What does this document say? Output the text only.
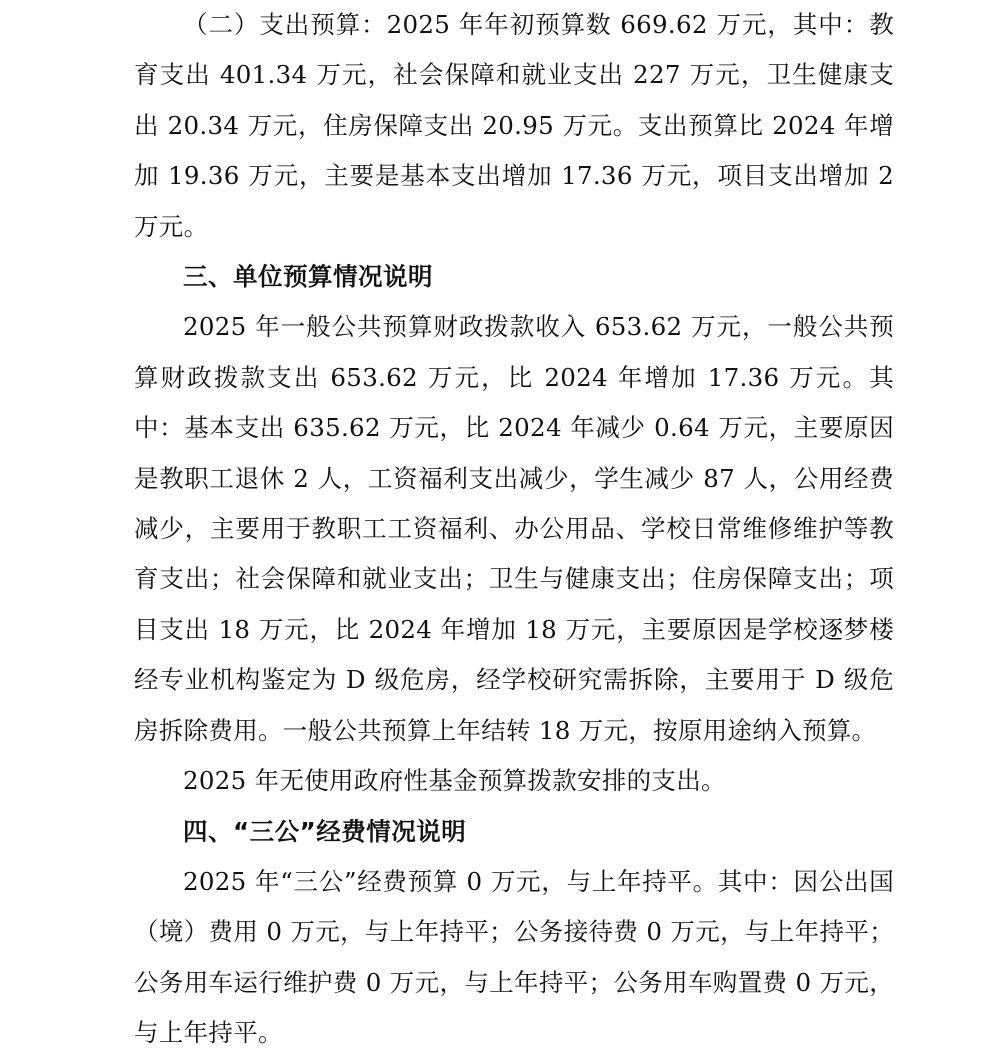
（二）支出预算：2025 年年初预算数 669.62 万元，其中：教育支出 401.34 万元，社会保障和就业支出 227 万元，卫生健康支出 20.34 万元，住房保障支出 20.95 万元。支出预算比 2024 年增加 19.36 万元，主要是基本支出增加 17.36 万元，项目支出增加 2 万元。

三、单位预算情况说明

2025 年一般公共预算财政拨款收入 653.62 万元，一般公共预算财政拨款支出 653.62 万元，比 2024 年增加 17.36 万元。其中：基本支出 635.62 万元，比 2024 年减少 0.64 万元，主要原因是教职工退休 2 人，工资福利支出减少，学生减少 87 人，公用经费减少，主要用于教职工工资福利、办公用品、学校日常维修维护等教育支出；社会保障和就业支出；卫生与健康支出；住房保障支出；项目支出 18 万元，比 2024 年增加 18 万元，主要原因是学校逐梦楼经专业机构鉴定为 D 级危房，经学校研究需拆除，主要用于 D 级危房拆除费用。一般公共预算上年结转 18 万元，按原用途纳入预算。

2025 年无使用政府性基金预算拨款安排的支出。

四、“三公”经费情况说明

2025 年“三公”经费预算 0 万元，与上年持平。其中：因公出国（境）费用 0 万元，与上年持平；公务接待费 0 万元，与上年持平；公务用车运行维护费 0 万元，与上年持平；公务用车购置费 0 万元，与上年持平。
